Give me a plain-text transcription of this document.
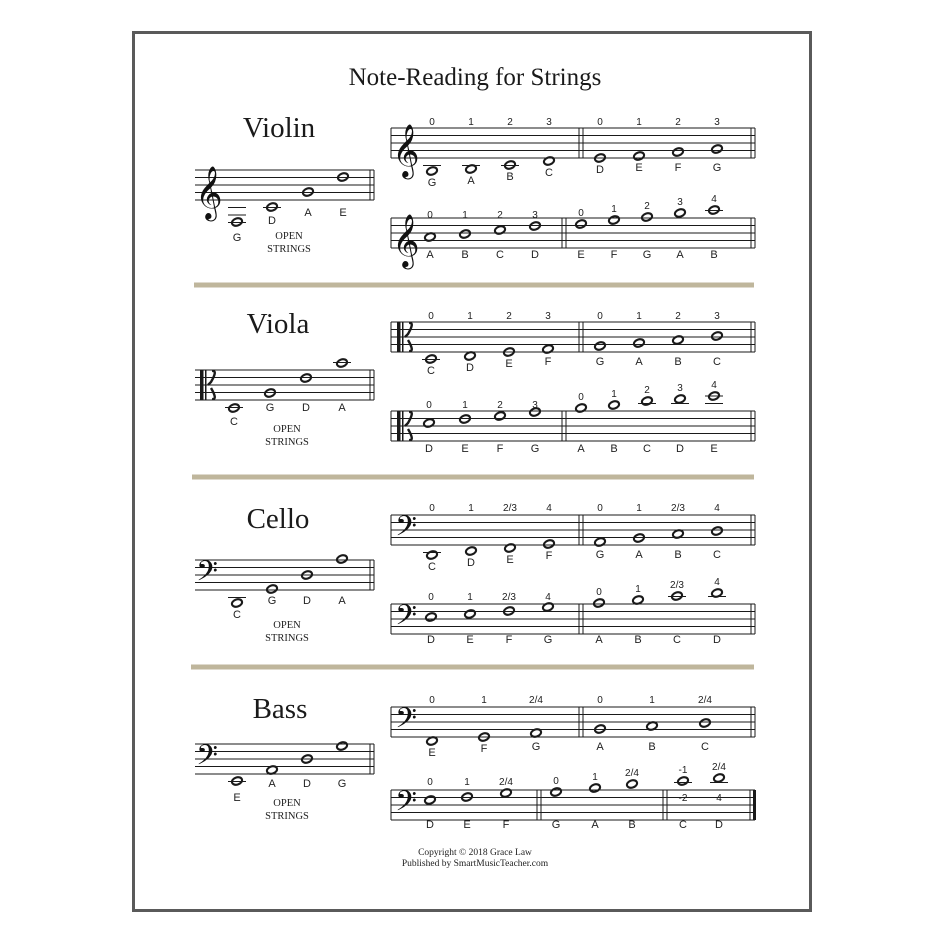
Note-Reading for Strings
Violin
Viola
Cello
Bass
𝄞
G
D
A	E
OPEN
STRINGS
𝄞
0
G
1
A
2
B
3
C
0
D
1
E
2
F
3
G
𝄞 0
A
1
B
2
C
3
D
0
E
1
F
2
G
3
A
4
B
C
G	D	A
OPEN
STRINGS
0
C
1
D
2
E
3
F
0
G
1
A
2
B
3
C
0
D
1
E
2
F
3
G
0
A
1
B
2
C
3
D
4
E
𝄢
C
G D A
OPEN
STRINGS
𝄢
0
C
1
D
2/3
E
4
F
0
G
1
A
2/3
B
4
C
𝄢
0
D
1
E
2/3
F
4
G
0
A
1
B
2/3
C
4
D
𝄢
E
A D G
OPEN
STRINGS
𝄢
0
E
1
F
2/4
G
0
A
1
B
2/4
C
𝄢
0
D
1
E
2/4
F
0
G
1
A
2/4
B
-1
-2
C
2/4
4
D
Copyright © 2018 Grace Law
Published by SmartMusicTeacher.com
